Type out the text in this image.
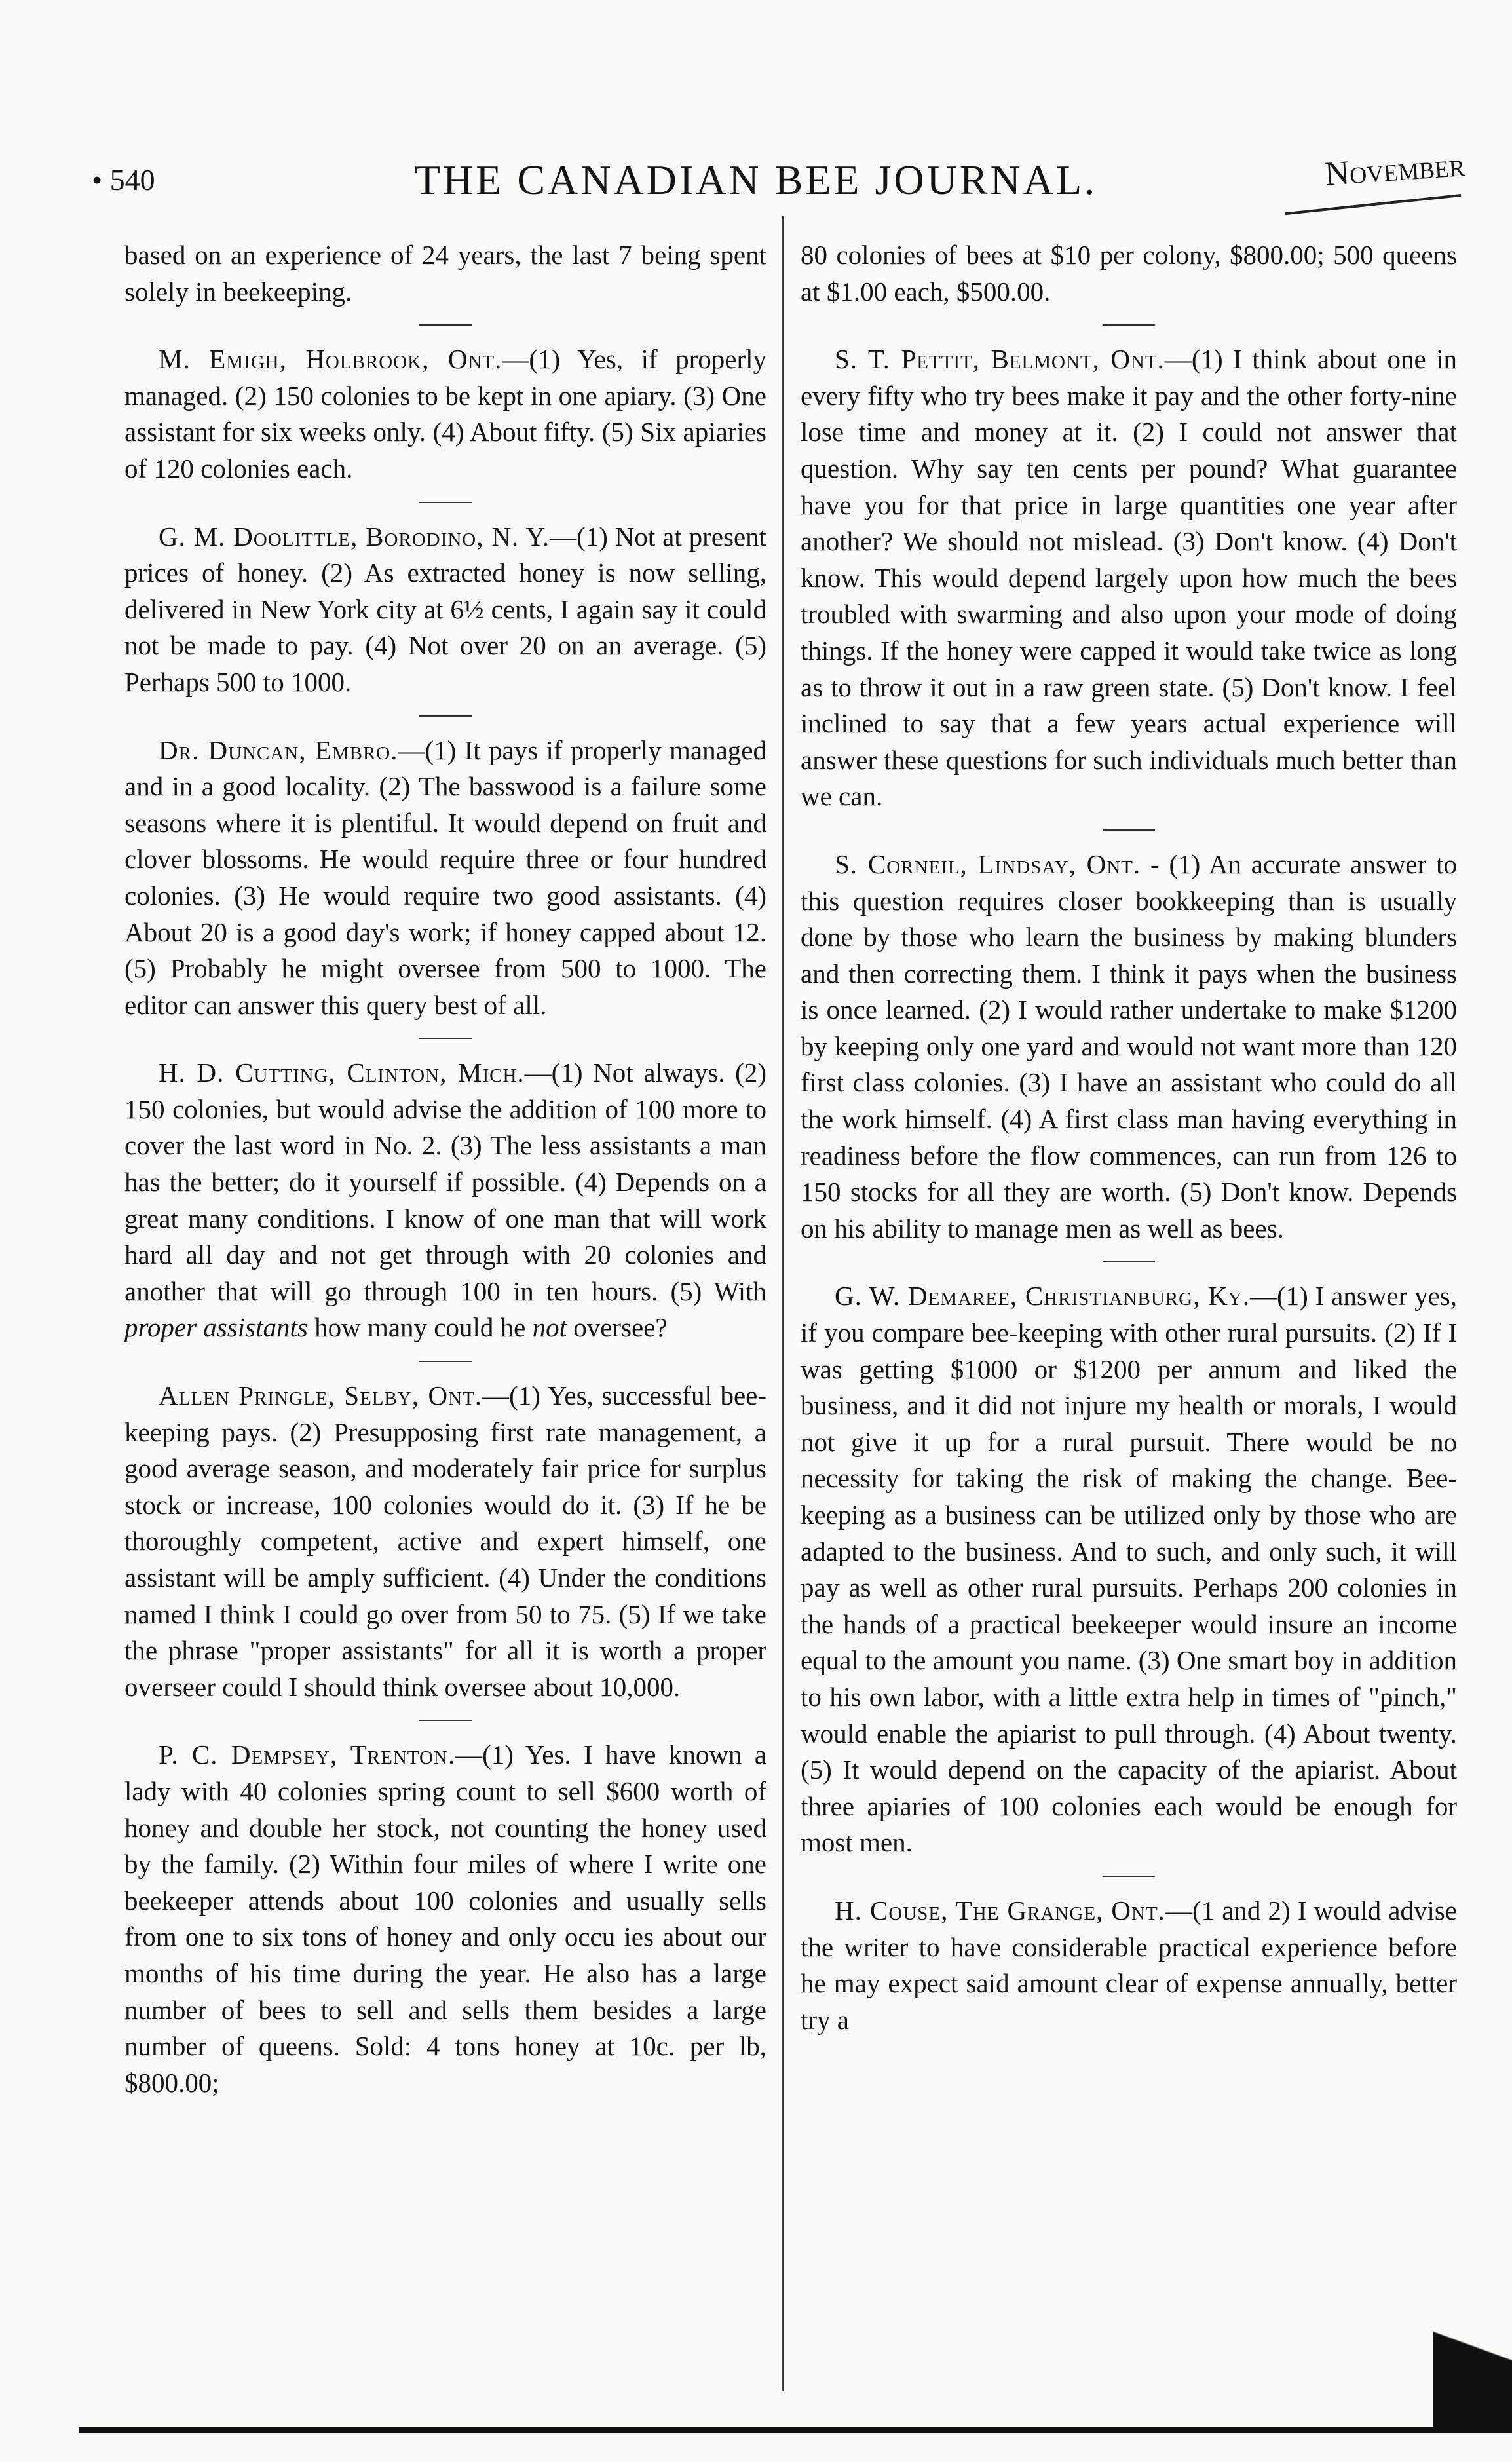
• 540	THE CANADIAN BEE JOURNAL.	November

based on an experience of 24 years, the last 7 being spent solely in beekeeping.

M. Emigh, Holbrook, Ont.—(1) Yes, if properly managed. (2) 150 colonies to be kept in one apiary. (3) One assistant for six weeks only. (4) About fifty. (5) Six apiaries of 120 colonies each.

G. M. Doolittle, Borodino, N. Y.—(1) Not at present prices of honey. (2) As extracted honey is now selling, delivered in New York city at 6½ cents, I again say it could not be made to pay. (4) Not over 20 on an average. (5) Perhaps 500 to 1000.

Dr. Duncan, Embro.—(1) It pays if properly managed and in a good locality. (2) The basswood is a failure some seasons where it is plentiful. It would depend on fruit and clover blossoms. He would require three or four hundred colonies. (3) He would require two good assistants. (4) About 20 is a good day's work; if honey capped about 12. (5) Probably he might oversee from 500 to 1000. The editor can answer this query best of all.

H. D. Cutting, Clinton, Mich.—(1) Not always. (2) 150 colonies, but would advise the addition of 100 more to cover the last word in No. 2. (3) The less assistants a man has the better; do it yourself if possible. (4) Depends on a great many conditions. I know of one man that will work hard all day and not get through with 20 colonies and another that will go through 100 in ten hours. (5) With proper assistants how many could he not oversee?

Allen Pringle, Selby, Ont.—(1) Yes, successful bee-keeping pays. (2) Presupposing first rate management, a good average season, and moderately fair price for surplus stock or increase, 100 colonies would do it. (3) If he be thoroughly competent, active and expert himself, one assistant will be amply sufficient. (4) Under the conditions named I think I could go over from 50 to 75. (5) If we take the phrase "proper assistants" for all it is worth a proper overseer could I should think oversee about 10,000.

P. C. Dempsey, Trenton.—(1) Yes. I have known a lady with 40 colonies spring count to sell $600 worth of honey and double her stock, not counting the honey used by the family. (2) Within four miles of where I write one beekeeper attends about 100 colonies and usually sells from one to six tons of honey and only occu ies about our months of his time during the year. He also has a large number of bees to sell and sells them besides a large number of queens. Sold: 4 tons honey at 10c. per lb, $800.00;

80 colonies of bees at $10 per colony, $800.00; 500 queens at $1.00 each, $500.00.

S. T. Pettit, Belmont, Ont.—(1) I think about one in every fifty who try bees make it pay and the other forty-nine lose time and money at it. (2) I could not answer that question. Why say ten cents per pound? What guarantee have you for that price in large quantities one year after another? We should not mislead. (3) Don't know. (4) Don't know. This would depend largely upon how much the bees troubled with swarming and also upon your mode of doing things. If the honey were capped it would take twice as long as to throw it out in a raw green state. (5) Don't know. I feel inclined to say that a few years actual experience will answer these questions for such individuals much better than we can.

S. Corneil, Lindsay, Ont. - (1) An accurate answer to this question requires closer bookkeeping than is usually done by those who learn the business by making blunders and then correcting them. I think it pays when the business is once learned. (2) I would rather undertake to make $1200 by keeping only one yard and would not want more than 120 first class colonies. (3) I have an assistant who could do all the work himself. (4) A first class man having everything in readiness before the flow commences, can run from 126 to 150 stocks for all they are worth. (5) Don't know. Depends on his ability to manage men as well as bees.

G. W. Demaree, Christianburg, Ky.—(1) I answer yes, if you compare bee-keeping with other rural pursuits. (2) If I was getting $1000 or $1200 per annum and liked the business, and it did not injure my health or morals, I would not give it up for a rural pursuit. There would be no necessity for taking the risk of making the change. Bee-keeping as a business can be utilized only by those who are adapted to the business. And to such, and only such, it will pay as well as other rural pursuits. Perhaps 200 colonies in the hands of a practical beekeeper would insure an income equal to the amount you name. (3) One smart boy in addition to his own labor, with a little extra help in times of "pinch," would enable the apiarist to pull through. (4) About twenty. (5) It would depend on the capacity of the apiarist. About three apiaries of 100 colonies each would be enough for most men.

H. Couse, The Grange, Ont.—(1 and 2) I would advise the writer to have considerable practical experience before he may expect said amount clear of expense annually, better try a
